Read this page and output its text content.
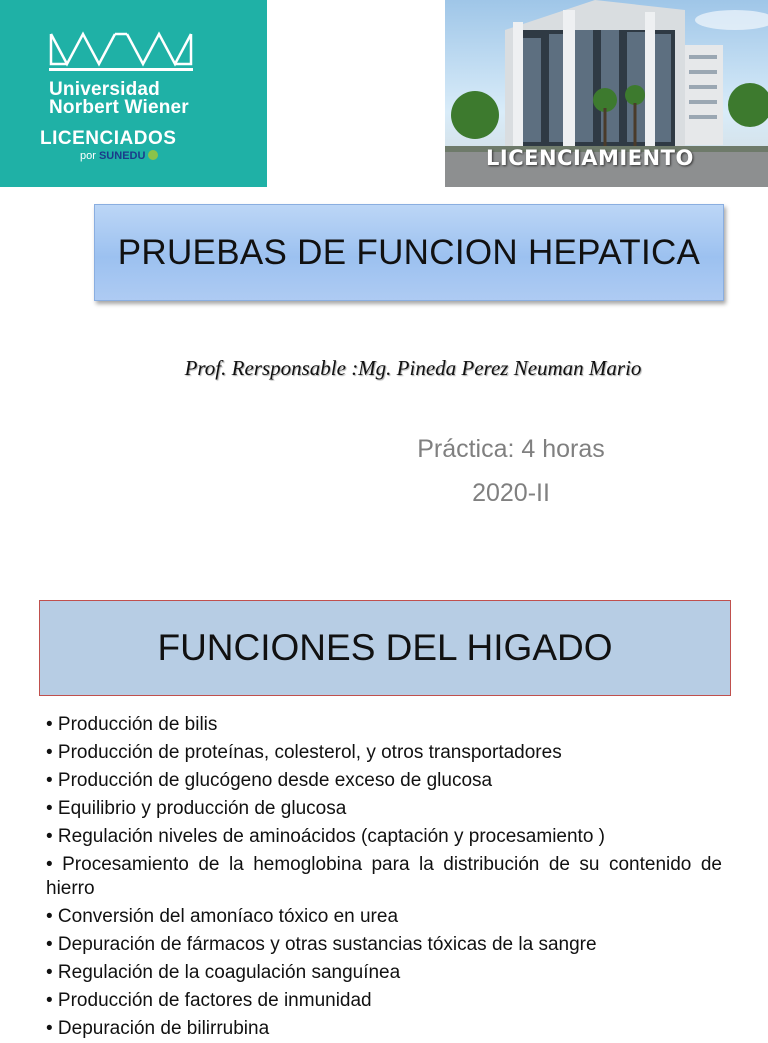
Universidad
Norbert Wiener
LICENCIADOS
por SUNEDU	LICENCIAMIENTO
PRUEBAS DE FUNCION HEPATICA
Prof. Rersponsable :Mg. Pineda Perez Neuman Mario
Práctica: 4 horas
2020-II
FUNCIONES DEL HIGADO
• Producción de bilis
• Producción de proteínas, colesterol, y otros transportadores
• Producción de glucógeno desde exceso de glucosa
• Equilibrio y producción de glucosa
• Regulación niveles de aminoácidos (captación y procesamiento )
• Procesamiento de la hemoglobina para la distribución de su contenido de hierro
• Conversión del amoníaco tóxico en urea
• Depuración de fármacos y otras sustancias tóxicas de la sangre
• Regulación de la coagulación sanguínea
• Producción de factores de inmunidad
• Depuración de bilirrubina
